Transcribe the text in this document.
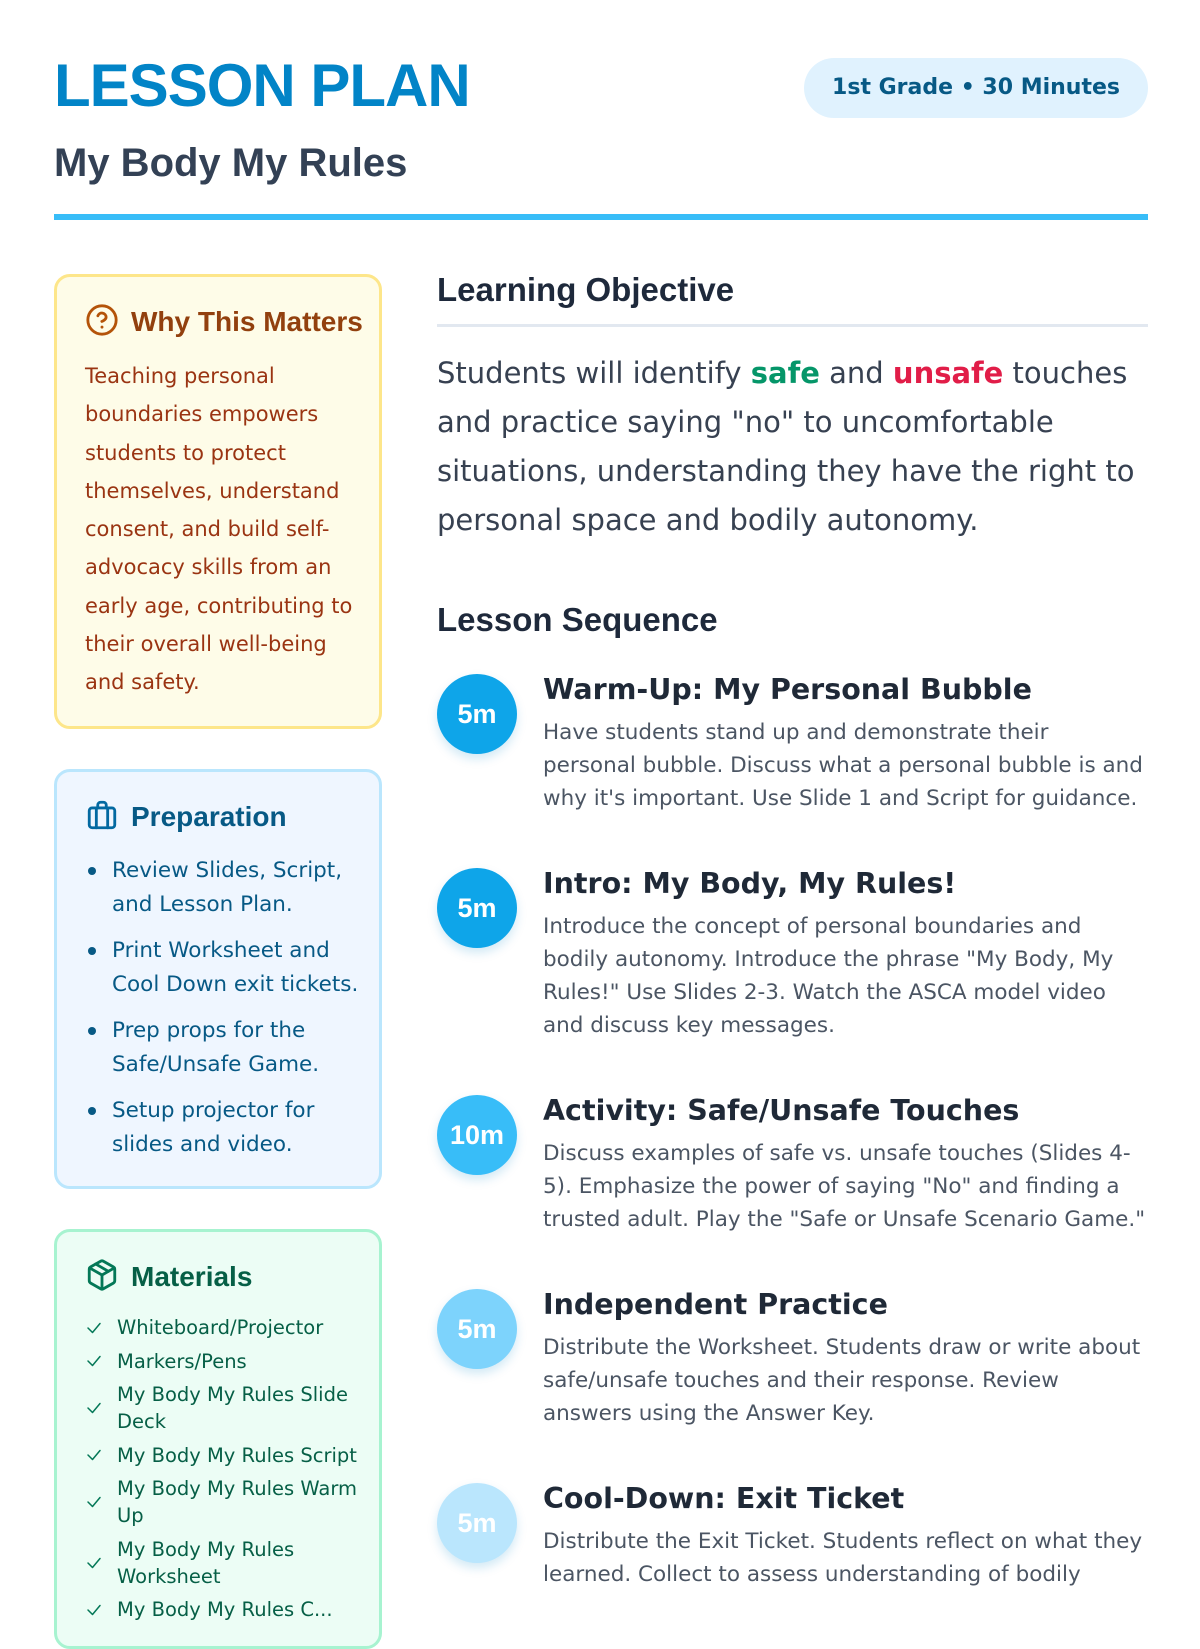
LESSON PLAN
My Body My Rules
1st Grade • 30 Minutes
Why This Matters

Teaching personal boundaries empowers students to protect themselves, understand consent, and build self-advocacy skills from an early age, contributing to their overall well-being and safety.

Preparation
Review Slides, Script, and Lesson Plan.
Print Worksheet and Cool Down exit tickets.
Prep props for the Safe/Unsafe Game.
Setup projector for slides and video.
Materials
Whiteboard/Projector
Markers/Pens
My Body My Rules Slide Deck
My Body My Rules Script
My Body My Rules Warm Up
My Body My Rules Worksheet
My Body My Rules C...
Learning Objective

Students will identify safe and unsafe touches and practice saying "no" to uncomfortable situations, understanding they have the right to personal space and bodily autonomy.

Lesson Sequence
5m
Warm-Up: My Personal Bubble

Have students stand up and demonstrate their personal bubble. Discuss what a personal bubble is and why it's important. Use Slide 1 and Script for guidance.

5m
Intro: My Body, My Rules!

Introduce the concept of personal boundaries and bodily autonomy. Introduce the phrase "My Body, My Rules!" Use Slides 2-3. Watch the ASCA model video and discuss key messages.

10m
Activity: Safe/Unsafe Touches

Discuss examples of safe vs. unsafe touches (Slides 4-5). Emphasize the power of saying "No" and finding a trusted adult. Play the "Safe or Unsafe Scenario Game."

5m
Independent Practice

Distribute the Worksheet. Students draw or write about safe/unsafe touches and their response. Review answers using the Answer Key.

5m
Cool-Down: Exit Ticket

Distribute the Exit Ticket. Students reflect on what they learned. Collect to assess understanding of bodily
